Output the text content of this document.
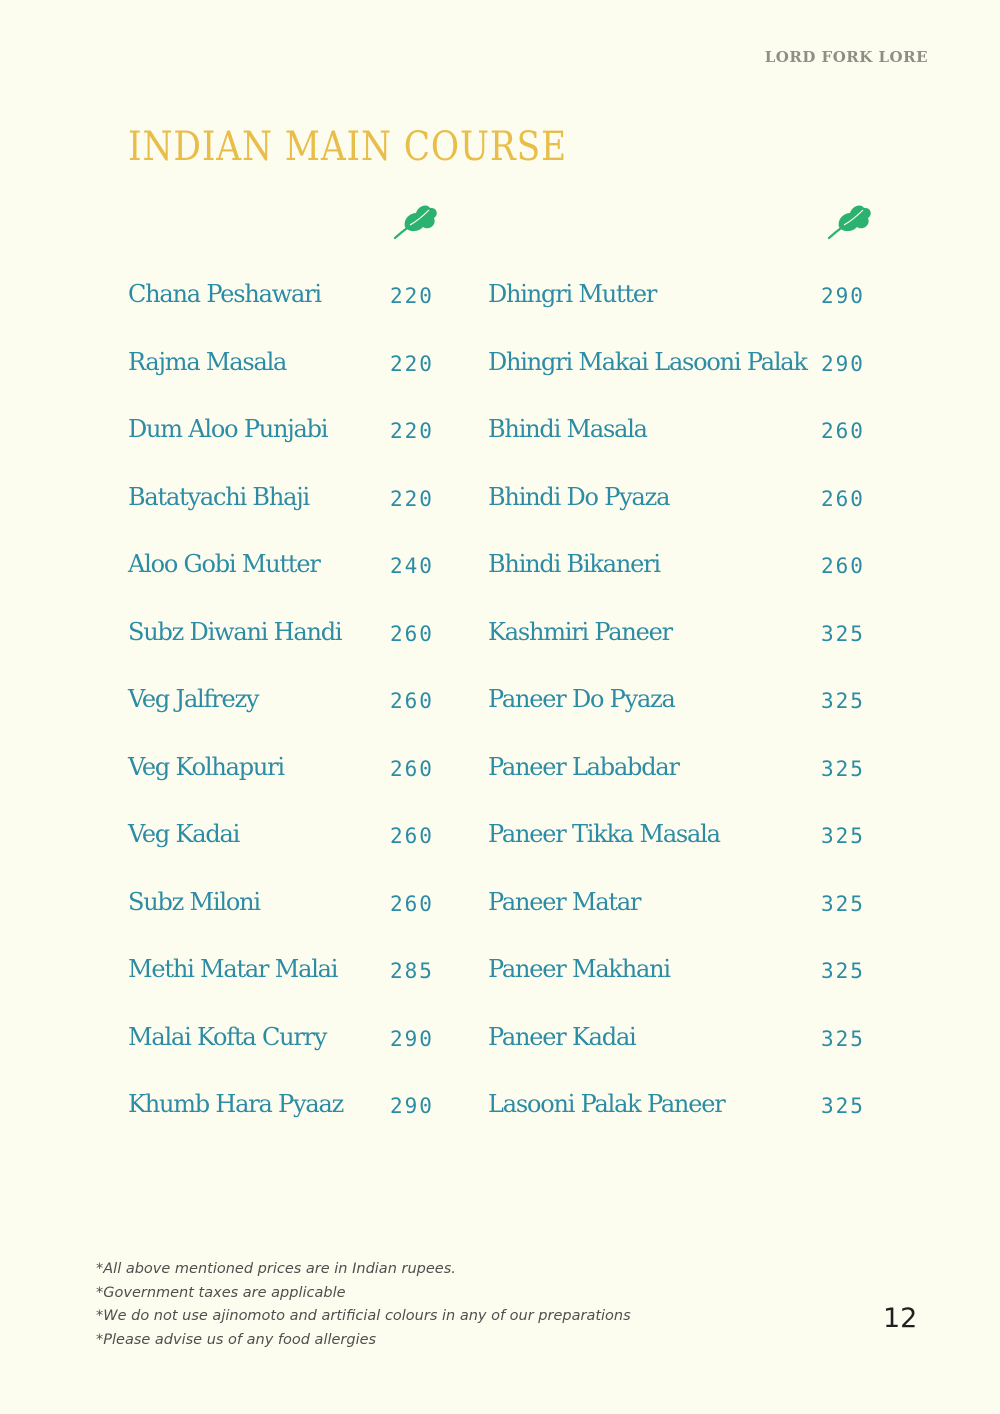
LORD FORK LORE
INDIAN MAIN COURSE
Chana Peshawari	220
Rajma Masala	220
Dum Aloo Punjabi	220
Batatyachi Bhaji	220
Aloo Gobi Mutter	240
Subz Diwani Handi 260
Veg Jalfrezy	260
Veg Kolhapuri	260
Veg Kadai	260
Subz Miloni	260
Methi Matar Malai	285
Malai Kofta Curry	290
Khumb Hara Pyaaz 290
Dhingri Mutter	290
Dhingri Makai Lasooni Palak 290
Bhindi Masala	260
Bhindi Do Pyaza	260
Bhindi Bikaneri	260
Kashmiri Paneer	325
Paneer Do Pyaza	325
Paneer Lababdar	325
Paneer Tikka Masala	325
Paneer Matar	325
Paneer Makhani	325
Paneer Kadai	325
Lasooni Palak Paneer	325
*All above mentioned prices are in Indian rupees.
*Government taxes are applicable
*We do not use ajinomoto and artificial colours in any of our preparations
*Please advise us of any food allergies
12
